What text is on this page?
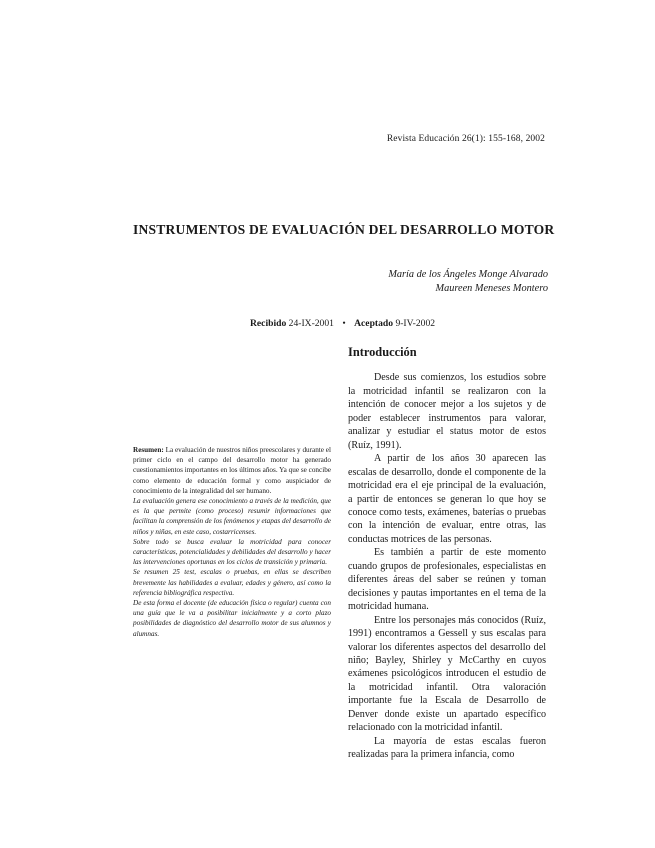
Revista Educación 26(1): 155-168, 2002
INSTRUMENTOS DE EVALUACIÓN DEL DESARROLLO MOTOR
María de los Ángeles Monge Alvarado
Maureen Meneses Montero
Recibido 24-IX-2001 • Aceptado 9-IV-2002

Resumen: La evaluación de nuestros niños preescolares y durante el primer ciclo en el campo del desarrollo motor ha generado cuestionamientos importantes en los últimos años. Ya que se concibe como elemento de educación formal y como auspiciador de conocimiento de la integralidad del ser humano.

La evaluación genera ese conocimiento a través de la medición, que es la que permite (como proceso) resumir informaciones que facilitan la comprensión de los fenómenos y etapas del desarrollo de niños y niñas, en este caso, costarricenses.

Sobre todo se busca evaluar la motricidad para conocer características, potencialidades y debilidades del desarrollo y hacer las intervenciones oportunas en los ciclos de transición y primaria.

Se resumen 25 test, escalas o pruebas, en ellas se describen brevemente las habilidades a evaluar, edades y género, así como la referencia bibliográfica respectiva.

De esta forma el docente (de educación física o regular) cuenta con una guía que le va a posibilitar inicialmente y a corto plazo posibilidades de diagnóstico del desarrollo motor de sus alumnos y alumnas.

Introducción

Desde sus comienzos, los estudios sobre la motricidad infantil se realizaron con la intención de conocer mejor a los sujetos y de poder establecer instrumentos para valorar, analizar y estudiar el status motor de estos (Ruíz, 1991).

A partir de los años 30 aparecen las escalas de desarrollo, donde el componente de la motricidad era el eje principal de la evaluación, a partir de entonces se generan lo que hoy se conoce como tests, exámenes, baterías o pruebas con la intención de evaluar, entre otras, las conductas motrices de las personas.

Es también a partir de este momento cuando grupos de profesionales, especialistas en diferentes áreas del saber se reúnen y toman decisiones y pautas importantes en el tema de la motricidad humana.

Entre los personajes más conocidos (Ruíz, 1991) encontramos a Gessell y sus escalas para valorar los diferentes aspectos del desarrollo del niño; Bayley, Shirley y McCarthy en cuyos exámenes psicológicos introducen el estudio de la motricidad infantil. Otra valoración importante fue la Escala de Desarrollo de Denver donde existe un apartado específico relacionado con la motricidad infantil.

La mayoría de estas escalas fueron realizadas para la primera infancia, como
